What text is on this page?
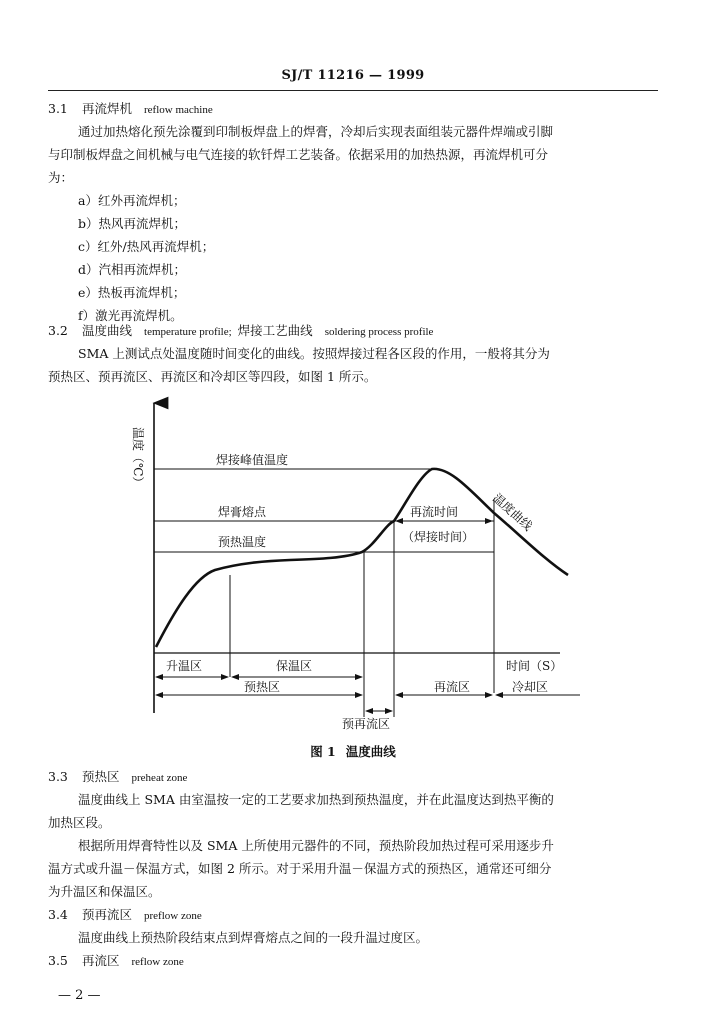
SJ/T 11216 — 1999
3.1 再流焊机 reflow machine
通过加热熔化预先涂覆到印制板焊盘上的焊膏，冷却后实现表面组装元器件焊端或引脚
与印制板焊盘之间机械与电气连接的软钎焊工艺装备。依据采用的加热热源，再流焊机可分
为：
a）红外再流焊机；
b）热风再流焊机；
c）红外/热风再流焊机；
d）汽相再流焊机；
e）热板再流焊机；
f）激光再流焊机。
3.2 温度曲线 temperature profile; 焊接工艺曲线 soldering process profile
SMA 上测试点处温度随时间变化的曲线。按照焊接过程各区段的作用，一般将其分为
预热区、预再流区、再流区和冷却区等四段，如图 1 所示。
温度（℃）	焊接峰值温度
焊膏熔点
预热温度
再流时间
（焊接时间）
温度曲线
升温区	保温区	时间（S）
预热区	再流区	冷却区
预再流区
图 1 温度曲线
3.3 预热区 preheat zone
温度曲线上 SMA 由室温按一定的工艺要求加热到预热温度，并在此温度达到热平衡的
加热区段。
根据所用焊膏特性以及 SMA 上所使用元器件的不同，预热阶段加热过程可采用逐步升
温方式或升温－保温方式，如图 2 所示。对于采用升温－保温方式的预热区，通常还可细分
为升温区和保温区。
3.4 预再流区 preflow zone
温度曲线上预热阶段结束点到焊膏熔点之间的一段升温过度区。
3.5 再流区 reflow zone
— 2 —
